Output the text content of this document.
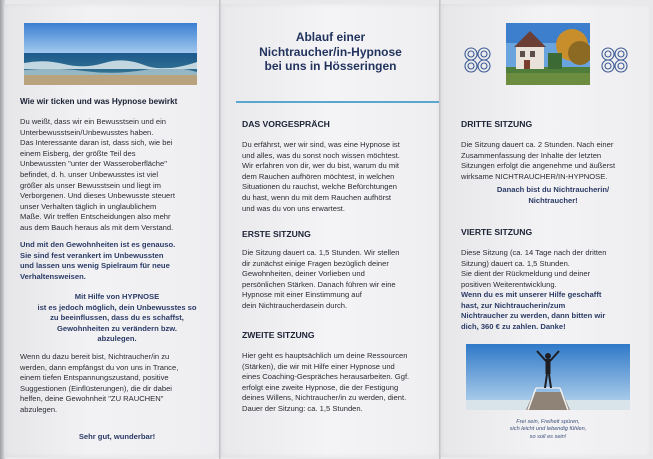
Wie wir ticken und was Hypnose bewirkt
Du weißt, dass wir ein Bewusstsein und ein
Unterbewusstsein/Unbewusstes haben.
Das Interessante daran ist, dass sich, wie bei
einem Eisberg, der größte Teil des
Unbewussten "unter der Wasseroberfläche"
befindet, d. h. unser Unbewusstes ist viel
größer als unser Bewusstsein und liegt im
Verborgenen. Und dieses Unbewusste steuert
unser Verhalten täglich in unglaublichem
Maße. Wir treffen Entscheidungen also mehr
aus dem Bauch heraus als mit dem Verstand.
Und mit den Gewohnheiten ist es genauso.
Sie sind fest verankert im Unbewussten
und lassen uns wenig Spielraum für neue
Verhaltensweisen.
Mit Hilfe von HYPNOSE
ist es jedoch möglich, dein Unbewusstes so
zu beeinflussen, dass du es schaffst,
Gewohnheiten zu verändern bzw.
abzulegen.
Wenn du dazu bereit bist, Nichtraucher/in zu
werden, dann empfängst du von uns in Trance,
einem tiefen Entspannungszustand, positive
Suggestionen (Einflüsterungen), die dir dabei
helfen, deine Gewohnheit "ZU RAUCHEN"
abzulegen.
Sehr gut, wunderbar!
Ablauf einer
Nichtraucher/in-Hypnose
bei uns in Hösseringen
DAS VORGESPRÄCH
Du erfährst, wer wir sind, was eine Hypnose ist
und alles, was du sonst noch wissen möchtest.
Wir erfahren von dir, wer du bist, warum du mit
dem Rauchen aufhören möchtest, in welchen
Situationen du rauchst, welche Befürchtungen
du hast, wenn du mit dem Rauchen aufhörst
und was du von uns erwartest.
ERSTE SITZUNG
Die Sitzung dauert ca. 1,5 Stunden. Wir stellen
dir zunächst einige Fragen bezüglich deiner
Gewohnheiten, deiner Vorlieben und
persönlichen Stärken. Danach führen wir eine
Hypnose mit einer Einstimmung auf
dein Nichtraucherdasein durch.
ZWEITE SITZUNG
Hier geht es hauptsächlich um deine Ressourcen
(Stärken), die wir mit Hilfe einer Hypnose und
eines Coaching-Gespräches herausarbeiten. Ggf.
erfolgt eine zweite Hypnose, die der Festigung
deines Willens, Nichtraucher/in zu werden, dient.
Dauer der Sitzung: ca. 1,5 Stunden.
DRITTE SITZUNG
Die Sitzung dauert ca. 2 Stunden. Nach einer
Zusammenfassung der Inhalte der letzten
Sitzungen erfolgt die angenehme und äußerst
wirksame NICHTRAUCHER/IN-HYPNOSE.
Danach bist du Nichtraucherin/
Nichtraucher!
VIERTE SITZUNG
Diese Sitzung (ca. 14 Tage nach der dritten
Sitzung) dauert ca. 1,5 Stunden.
Sie dient der Rückmeldung und deiner
positiven Weiterentwicklung.
Wenn du es mit unserer Hilfe geschafft
hast, zur Nichtraucherin/zum
Nichtraucher zu werden, dann bitten wir
dich, 360 € zu zahlen. Danke!
Frei sein, Freiheit spüren,
sich leicht und lebendig fühlen,
so soll es sein!
